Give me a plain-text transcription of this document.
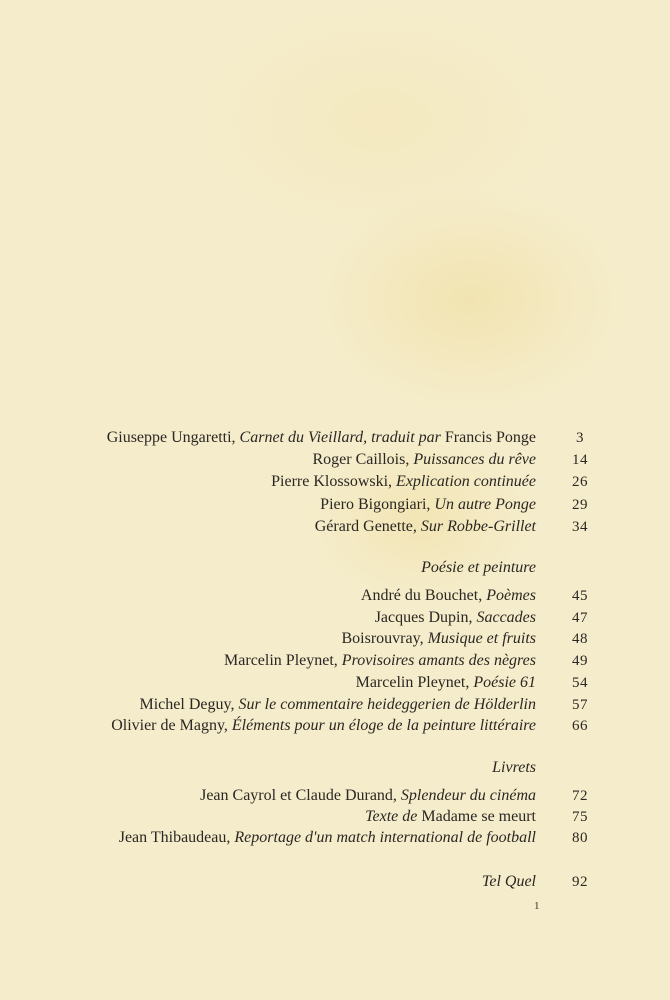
Giuseppe Ungaretti, Carnet du Vieillard, traduit par Francis Ponge	3
Roger Caillois, Puissances du rêve	14
Pierre Klossowski, Explication continuée	26
Piero Bigongiari, Un autre Ponge	29
Gérard Genette, Sur Robbe-Grillet	34
Poésie et peinture
André du Bouchet, Poèmes	45
Jacques Dupin, Saccades	47
Boisrouvray, Musique et fruits	48
Marcelin Pleynet, Provisoires amants des nègres	49
Marcelin Pleynet, Poésie 61	54
Michel Deguy, Sur le commentaire heideggerien de Hölderlin	57
Olivier de Magny, Éléments pour un éloge de la peinture littéraire	66
Livrets
Jean Cayrol et Claude Durand, Splendeur du cinéma	72
Texte de Madame se meurt	75
Jean Thibaudeau, Reportage d'un match international de football	80
Tel Quel	92
1
